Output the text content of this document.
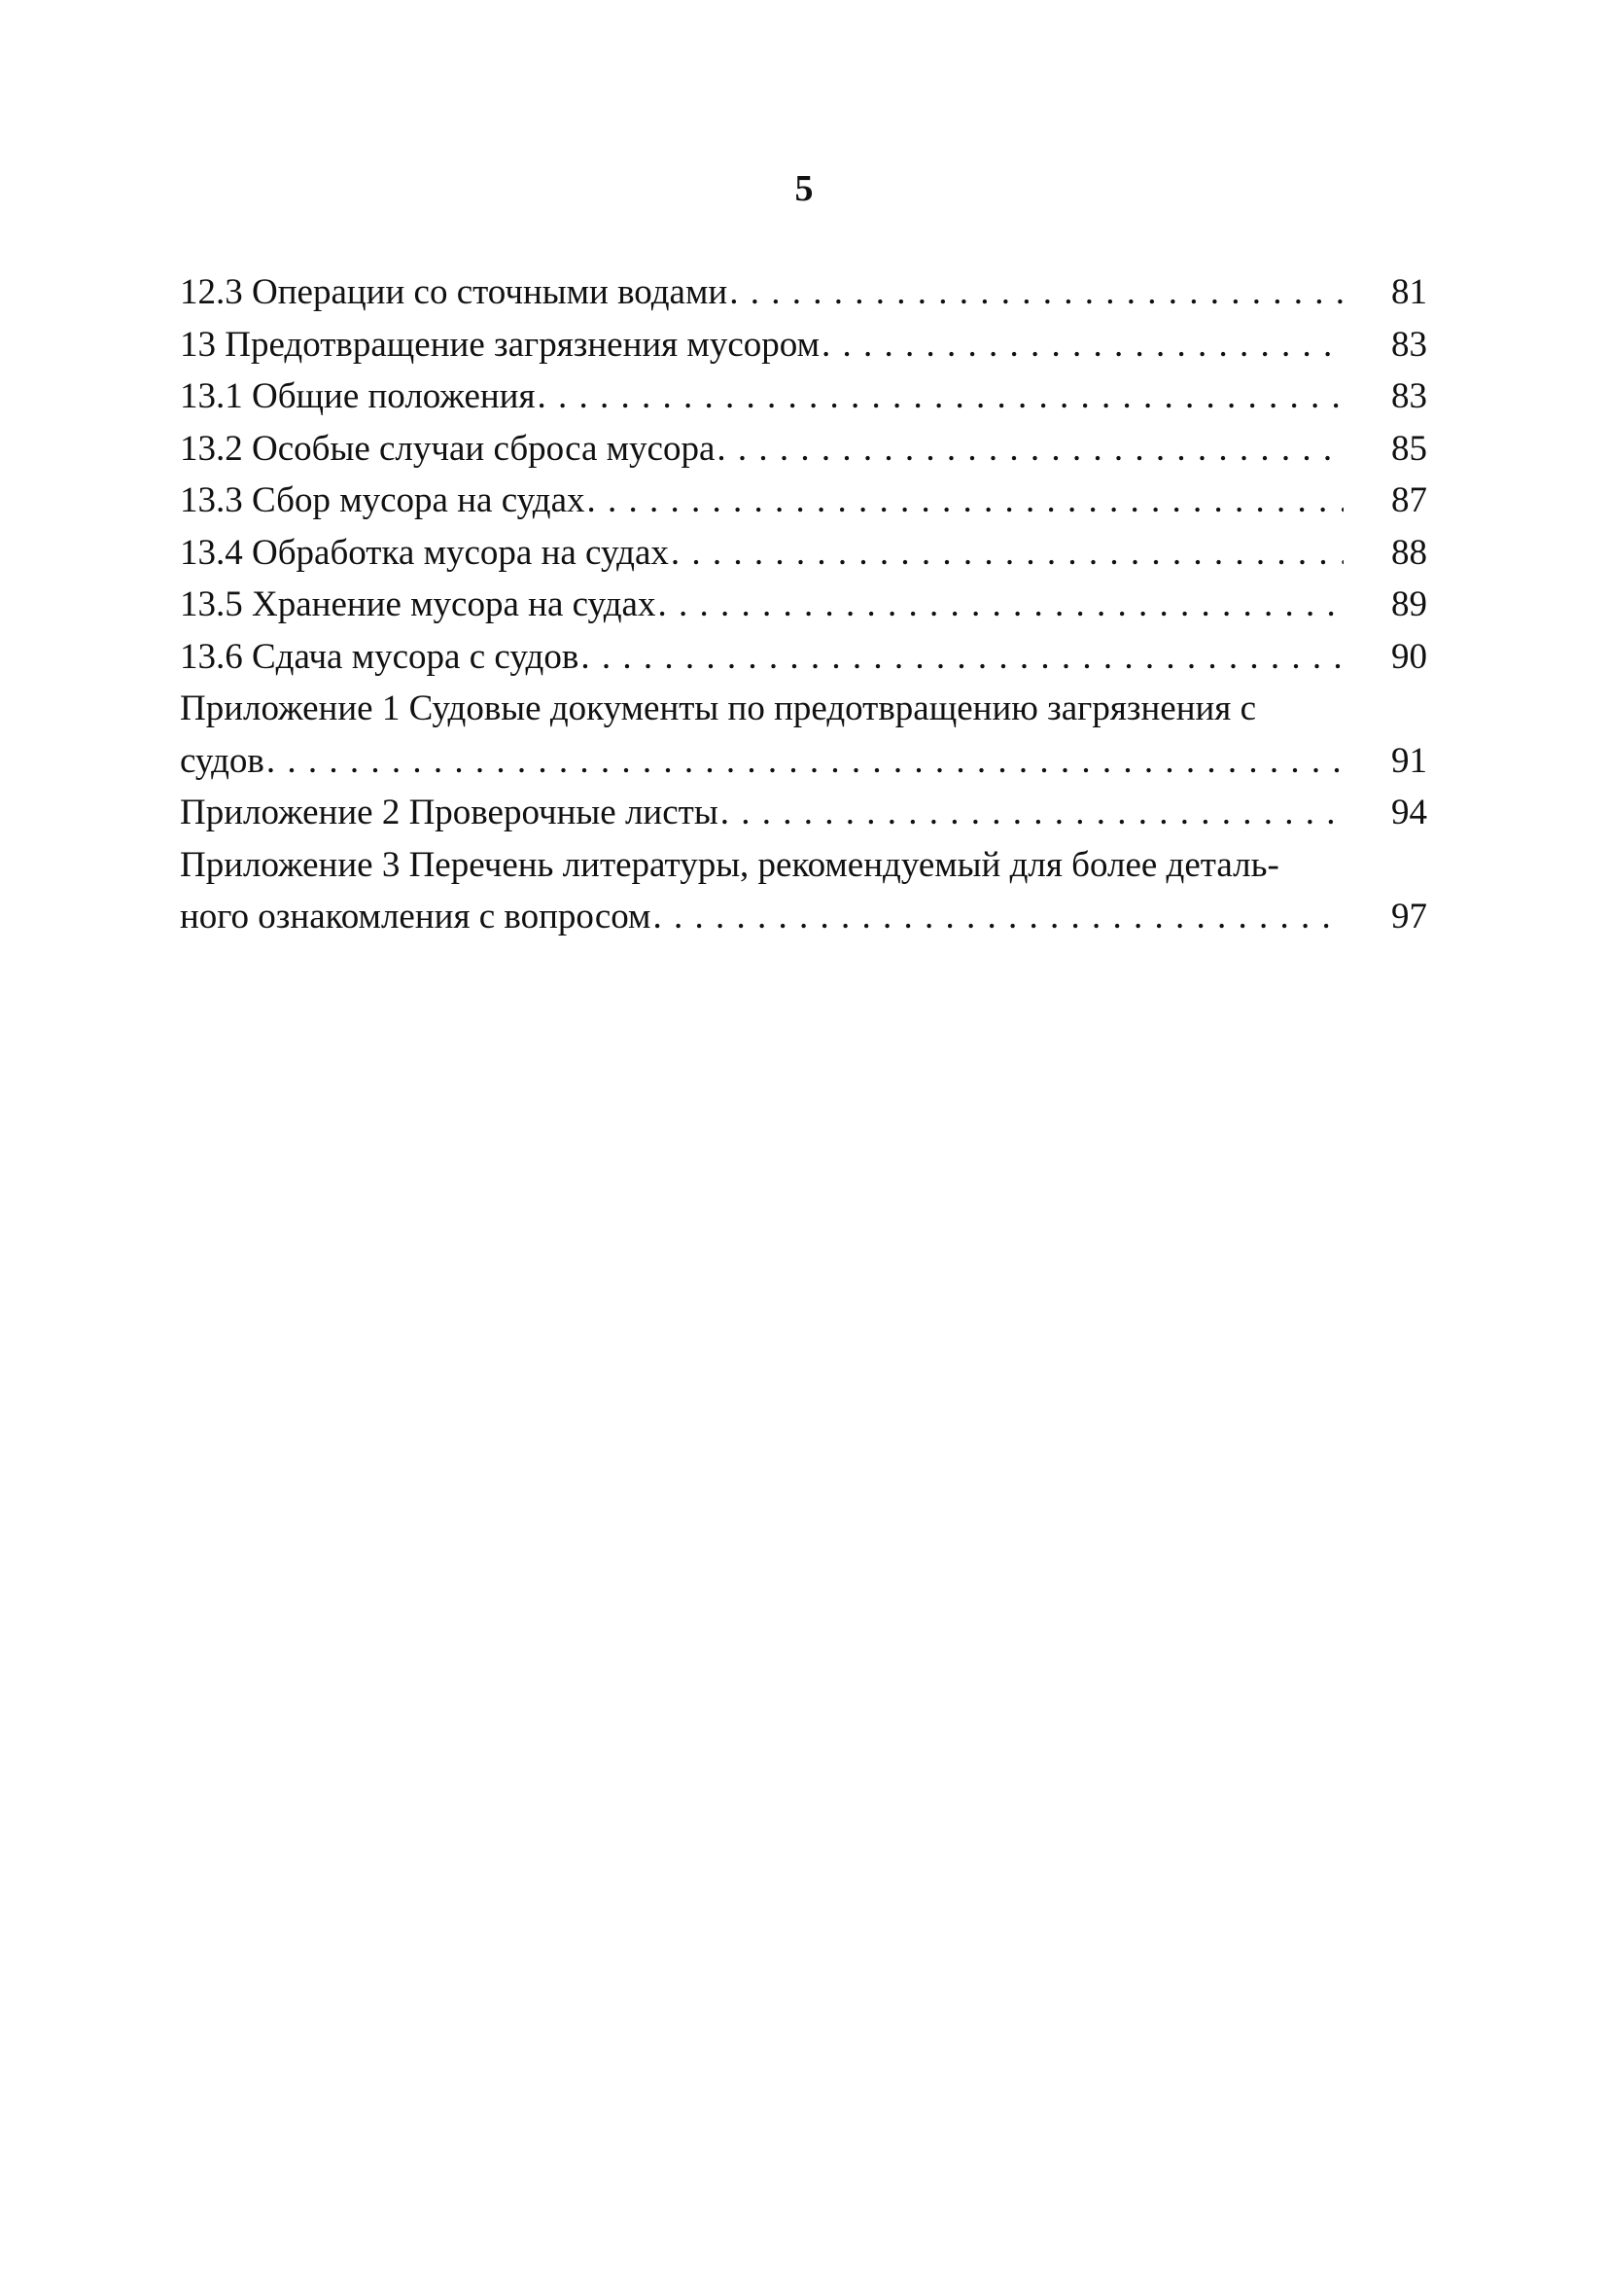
5
12.3 Операции со сточными водами . . .	81
13 Предотвращение загрязнения мусором . . .	83
13.1 Общие положения . . .	83
13.2 Особые случаи сброса мусора . . .	85
13.3 Сбор мусора на судах . . .	87
13.4 Обработка мусора на судах . . .	88
13.5 Хранение мусора на судах . . .	89
13.6 Сдача мусора с судов . . .	90
Приложение 1 Судовые документы по предотвращению загрязнения с
судов . . .	91
Приложение 2 Проверочные листы . . .	94
Приложение 3 Перечень литературы, рекомендуемый для более деталь-
ного ознакомления с вопросом . . .	97
